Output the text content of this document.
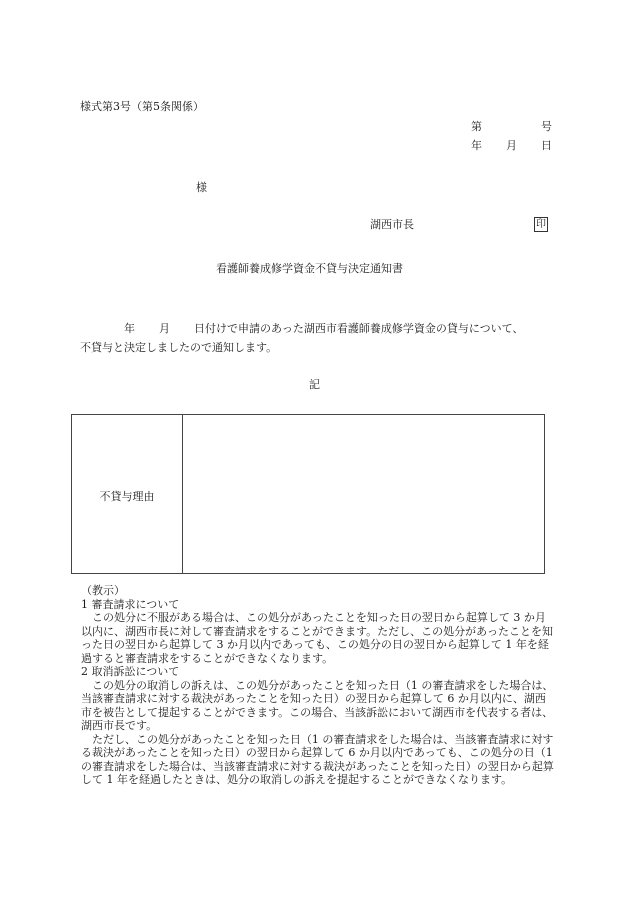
様式第3号（第5条関係）
第	号
年 月 日
様
湖西市長	印
看護師養成修学資金不貸与決定通知書

年 月 日付けで申請のあった湖西市看護師養成修学資金の貸与について、

不貸与と決定しましたので通知します。

記
不貸与理由

（教示）

1 審査請求について

この処分に不服がある場合は、この処分があったことを知った日の翌日から起算して 3 か月以内に、湖西市長に対して審査請求をすることができます。ただし、この処分があったことを知った日の翌日から起算して 3 か月以内であっても、この処分の日の翌日から起算して 1 年を経過すると審査請求をすることができなくなります。

2 取消訴訟について

この処分の取消しの訴えは、この処分があったことを知った日（1 の審査請求をした場合は、当該審査請求に対する裁決があったことを知った日）の翌日から起算して 6 か月以内に、湖西市を被告として提起することができます。この場合、当該訴訟において湖西市を代表する者は、湖西市長です。

ただし、この処分があったことを知った日（1 の審査請求をした場合は、当該審査請求に対する裁決があったことを知った日）の翌日から起算して 6 か月以内であっても、この処分の日（1 の審査請求をした場合は、当該審査請求に対する裁決があったことを知った日）の翌日から起算して 1 年を経過したときは、処分の取消しの訴えを提起することができなくなります。
